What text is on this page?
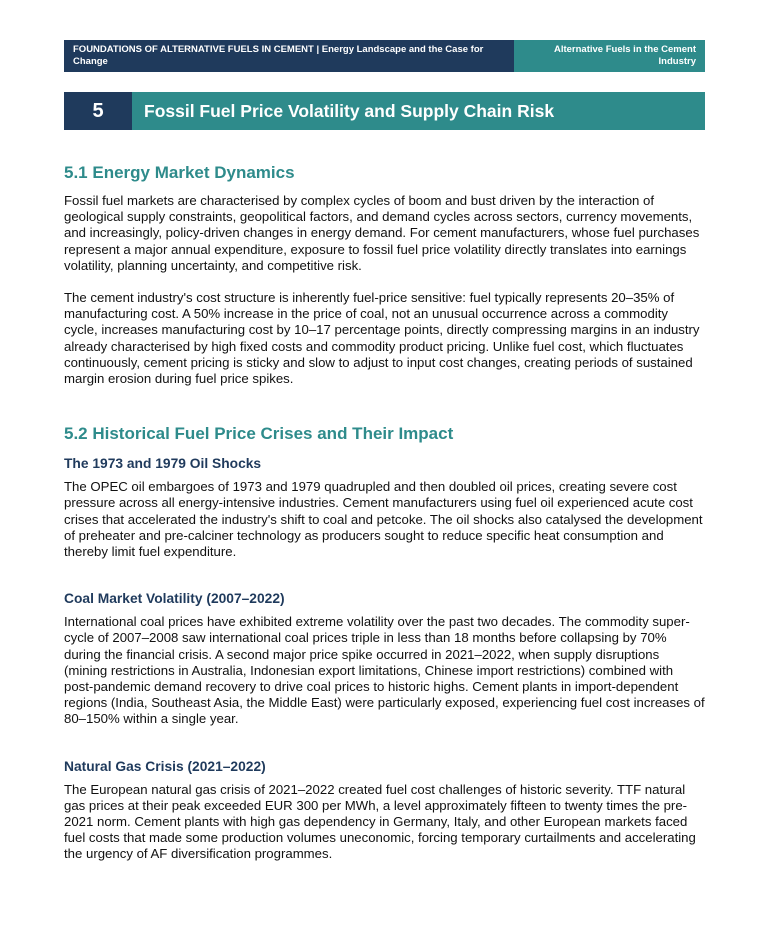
FOUNDATIONS OF ALTERNATIVE FUELS IN CEMENT | Energy Landscape and the Case for Change
Alternative Fuels in the Cement Industry
5	Fossil Fuel Price Volatility and Supply Chain Risk
5.1 Energy Market Dynamics

Fossil fuel markets are characterised by complex cycles of boom and bust driven by the interaction of geological supply constraints, geopolitical factors, and demand cycles across sectors, currency movements, and increasingly, policy-driven changes in energy demand. For cement manufacturers, whose fuel purchases represent a major annual expenditure, exposure to fossil fuel price volatility directly translates into earnings volatility, planning uncertainty, and competitive risk.

The cement industry's cost structure is inherently fuel-price sensitive: fuel typically represents 20–35% of manufacturing cost. A 50% increase in the price of coal, not an unusual occurrence across a commodity cycle, increases manufacturing cost by 10–17 percentage points, directly compressing margins in an industry already characterised by high fixed costs and commodity product pricing. Unlike fuel cost, which fluctuates continuously, cement pricing is sticky and slow to adjust to input cost changes, creating periods of sustained margin erosion during fuel price spikes.

5.2 Historical Fuel Price Crises and Their Impact
The 1973 and 1979 Oil Shocks

The OPEC oil embargoes of 1973 and 1979 quadrupled and then doubled oil prices, creating severe cost pressure across all energy-intensive industries. Cement manufacturers using fuel oil experienced acute cost crises that accelerated the industry's shift to coal and petcoke. The oil shocks also catalysed the development of preheater and pre-calciner technology as producers sought to reduce specific heat consumption and thereby limit fuel expenditure.

Coal Market Volatility (2007–2022)

International coal prices have exhibited extreme volatility over the past two decades. The commodity super-cycle of 2007–2008 saw international coal prices triple in less than 18 months before collapsing by 70% during the financial crisis. A second major price spike occurred in 2021–2022, when supply disruptions (mining restrictions in Australia, Indonesian export limitations, Chinese import restrictions) combined with post-pandemic demand recovery to drive coal prices to historic highs. Cement plants in import-dependent regions (India, Southeast Asia, the Middle East) were particularly exposed, experiencing fuel cost increases of 80–150% within a single year.

Natural Gas Crisis (2021–2022)

The European natural gas crisis of 2021–2022 created fuel cost challenges of historic severity. TTF natural gas prices at their peak exceeded EUR 300 per MWh, a level approximately fifteen to twenty times the pre-2021 norm. Cement plants with high gas dependency in Germany, Italy, and other European markets faced fuel costs that made some production volumes uneconomic, forcing temporary curtailments and accelerating the urgency of AF diversification programmes.
